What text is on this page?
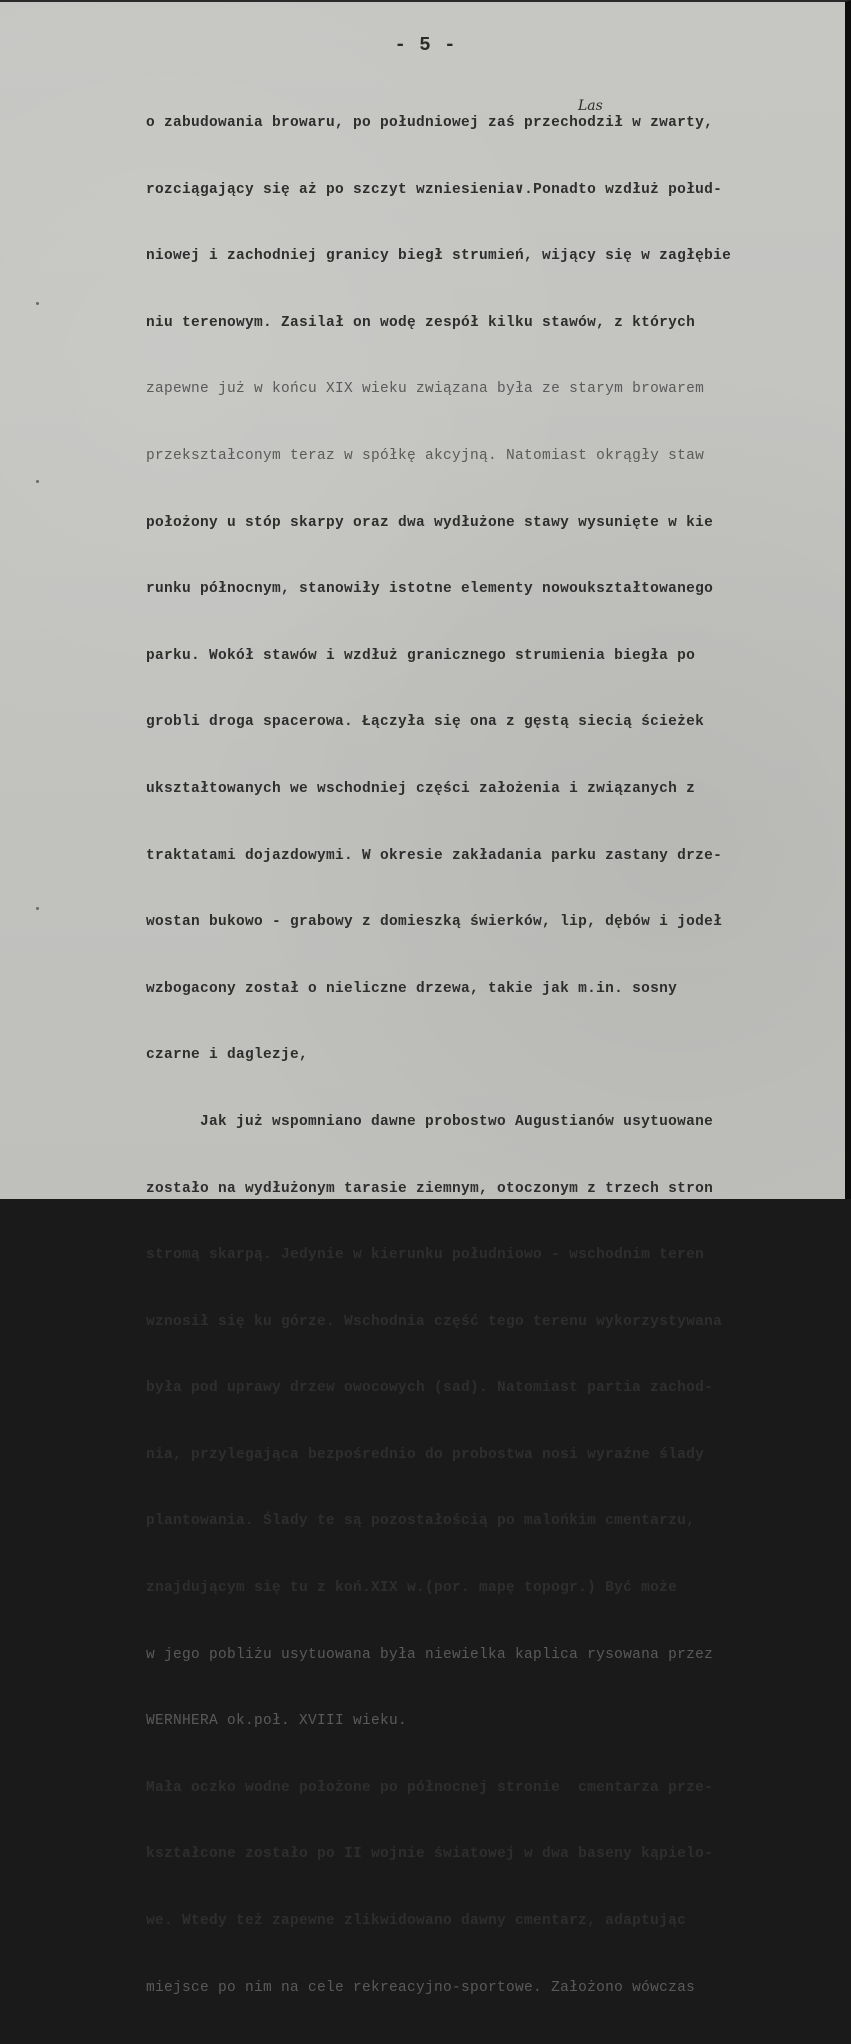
- 5 -
Las

o zabudowania browaru, po południowej zaś przechodził w zwarty,

rozciągający się aż po szczyt wzniesienia∨.Ponadto wzdłuż połud-

niowej i zachodniej granicy biegł strumień, wijący się w zagłębie

niu terenowym. Zasilał on wodę zespół kilku stawów, z których

zapewne już w końcu XIX wieku związana była ze starym browarem

przekształconym teraz w spółkę akcyjną. Natomiast okrągły staw

położony u stóp skarpy oraz dwa wydłużone stawy wysunięte w kie

runku północnym, stanowiły istotne elementy nowoukształtowanego

parku. Wokół stawów i wzdłuż granicznego strumienia biegła po

grobli droga spacerowa. Łączyła się ona z gęstą siecią ścieżek

ukształtowanych we wschodniej części założenia i związanych z

traktatami dojazdowymi. W okresie zakładania parku zastany drze-

wostan bukowo - grabowy z domieszką świerków, lip, dębów i jodeł

wzbogacony został o nieliczne drzewa, takie jak m.in. sosny

czarne i daglezje,

Jak już wspomniano dawne probostwo Augustianów usytuowane

zostało na wydłużonym tarasie ziemnym, otoczonym z trzech stron

stromą skarpą. Jedynie w kierunku południowo - wschodnim teren

wznosił się ku górze. Wschodnia część tego terenu wykorzystywana

była pod uprawy drzew owocowych (sad). Natomiast partia zachod-

nia, przylegająca bezpośrednio do probostwa nosi wyraźne ślady

plantowania. Ślady te są pozostałością po malońkim cmentarzu,

znajdującym się tu z koń.XIX w.(por. mapę topogr.) Być może

w jego pobliżu usytuowana była niewielka kaplica rysowana przez

WERNHERA ok.poł. XVIII wieku.

Mała oczko wodne położone po północnej stronie  cmentarza prze-

kształcone zostało po II wojnie światowej w dwa baseny kąpielo-

we. Wtedy też zapewne zlikwidowano dawny cmentarz, adaptując

miejsce po nim na cele rekreacyjno-sportowe. Założono wówczas
